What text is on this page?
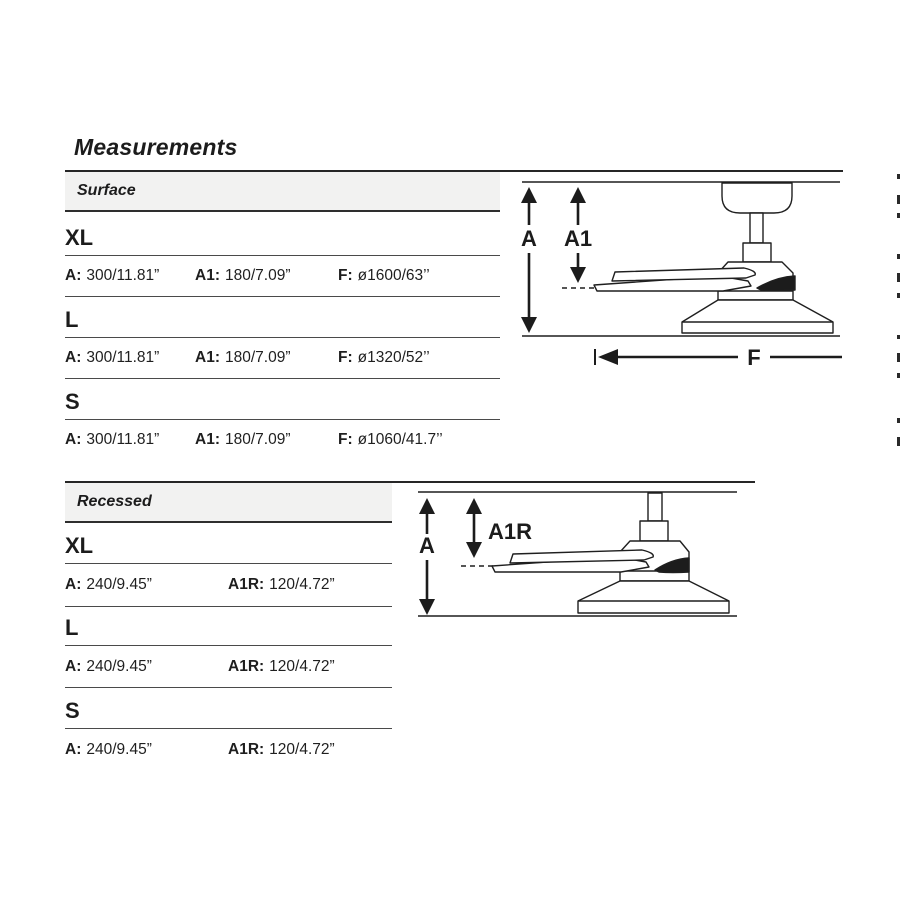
Measurements
Surface
XL
A: 300/11.81” A1: 180/7.09”	F: ø1600/63’’
L
A: 300/11.81” A1: 180/7.09”	F: ø1320/52’’
S
A: 300/11.81” A1: 180/7.09”	F: ø1060/41.7’’
A A1
F
Recessed
XL
A: 240/9.45”	A1R: 120/4.72”
L
A: 240/9.45”	A1R: 120/4.72”
S
A: 240/9.45”	A1R: 120/4.72”
A
A1R
